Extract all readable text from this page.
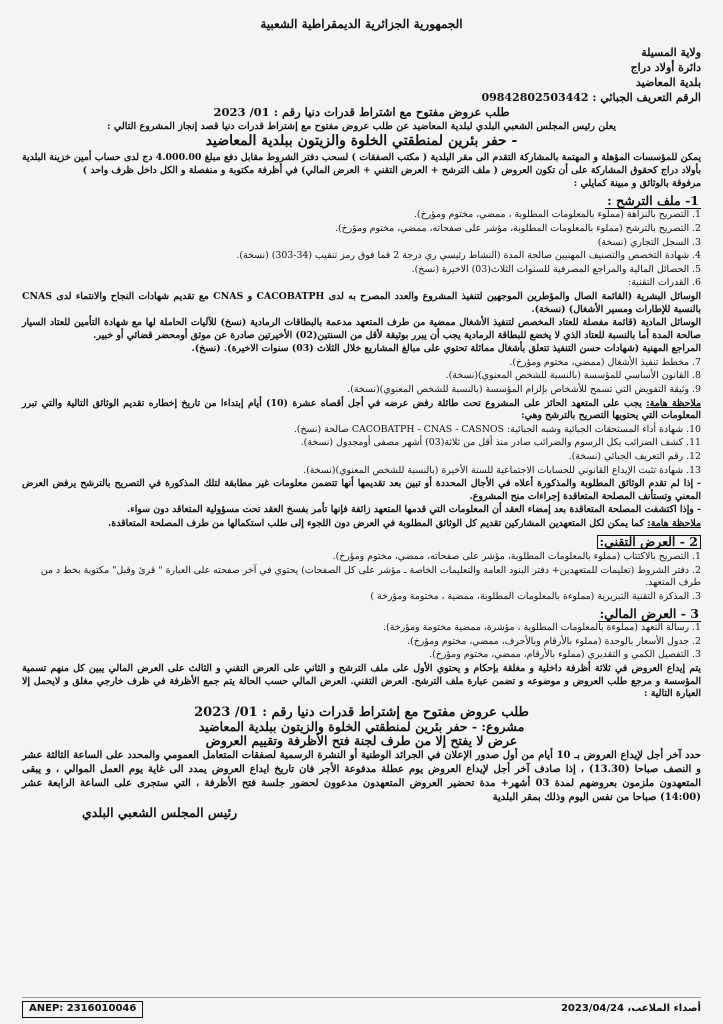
الجمهورية الجزائرية الديمقراطية الشعبية
ولاية المسيلة
دائرة أولاد دراج
بلدية المعاضيد
الرقم التعريف الجبائي : 09842802503442
طلب عروض مفتوح مع اشتراط قدرات دنيا رقم : 01/ 2023
يعلن رئيس المجلس الشعبي البلدي لبلدية المعاضيد عن طلب عروض مفتوح مع إشتراط قدرات دنيا قصد إنجاز المشروع التالي :
- حفر بئرين لمنطقتي الخلوة والزيتون ببلدية المعاضيد
يمكن للمؤسسات المؤهلة و المهتمة بالمشاركة التقدم الى مقر البلدية ( مكتب الصفقات ) لسحب دفتر الشروط مقابل دفع مبلغ 4.000.00 دج لدى حساب أمين خزينة البلدية بأولاد دراج كحقوق المشاركة على أن تكون العروض ( ملف الترشح + العرض التقني + العرض المالي) في أظرفة مكتوبة و منفصلة و الكل داخل ظرف واحد )
مرفوقة بالوثائق و مبينة كمايلي :
1- ملف الترشح :
1. التصريح بالنزاهة (مملوء بالمعلومات المطلوبة ، ممضي، مختوم ومؤرخ).
2. التصريح بالترشح (مملوء بالمعلومات المطلوبة، مؤشر على صفحاته، ممضي، مختوم ومؤرخ).
3. السجل التجاري (نسخة)
4. شهادة التخصص والتصنيف المهنيين صالحة المدة (النشاط رئيسي ري درجة 2 فما فوق رمز تنقيب (34-303) (نسخة).
5. الحصائل المالية والمراجع المصرفية للسنوات الثلاث(03) الاخيرة (نسخ).
6. القدرات التقنية:
الوسائل البشرية (القائمة الصال والمؤطرين الموجهين لتنفيذ المشروع والعدد المصرح به لدى CACOBATPH و CNAS مع تقديم شهادات النجاح والانتماء لدى CNAS بالنسبة للإطارات ومسير الأشغال) (نسخة).
الوسائل المادية (قائمة مفصلة للعتاد المخصص لتنفيذ الأشغال ممضية من طرف المتعهد مدعمة بالبطاقات الرمادية (نسخ) للآليات الحاملة لها مع شهادة التأمين للعتاد السيار صالحة المدة أما بالنسبة للعتاد الذي لا يخضع للبطاقة الرمادية يجب أن يبرر بوثيقة لأقل من السنتين(02) الأخيرتين صادرة عن موثق أومحضر قضائي أو خبير.
المراجع المهنية (شهادات حسن التنفيذ تتعلق بأشغال مماثلة تحتوي على مبالغ المشاريع خلال الثلاث (03) سنوات الاخيرة). (نسخ).
7. مخطط تنفيذ الأشغال (ممضي، مختوم ومؤرخ).
8. القانون الأساسي للمؤسسة (بالنسبة للشخص المعنوي)(نسخة).
9. وثيقة التفويض التي تسمح للأشخاص بإلزام المؤسسة (بالنسبة للشخص المعنوي)(نسخة).
ملاحظة هامة: يجب على المتعهد الحائز على المشروع تحت طائلة رفض عرضه في أجل أقصاه عشرة (10) أيام إبتداءا من تاريخ إخطاره تقديم الوثائق التالية والتي تبرر المعلومات التي يحتويها التصريح بالترشح وهي:
10. شهادة أداء المستحقات الجبائية وشبه الجبائية: CACOBATPH - CNAS - CASNOS صالحة (نسخ).
11. كشف الضرائب يكل الرسوم والضرائب صادر منذ أقل من ثلاثة(03) أشهر مصفى أومجدول (نسخة).
12. رقم التعريف الجبائي (نسخة).
13. شهادة تثبت الإيداع القانوني للحسابات الاجتماعية للسنة الأخيرة (بالنسبة للشخص المعنوي)(نسخة).
- إذا لم تقدم الوثائق المطلوبة والمذكورة أعلاه في الأجال المحددة أو تبين بعد تقديمها أنها تتضمن معلومات غير مطابقة لتلك المذكورة في التصريح بالترشح يرفض العرض المعني وتستأنف المصلحة المتعاقدة إجراءات منح المشروع.
- وإذا اكتشفت المصلحة المتعاقدة بعد إمضاء العقد أن المعلومات التي قدمها المتعهد زائفة فإنها تأمر بفسخ العقد تحت مسؤولية المتعاقد دون سواء.
ملاحظة هامة: كما يمكن لكل المتعهدين المشاركين تقديم كل الوثائق المطلوبة في العرض دون اللجوء إلى طلب استكمالها من طرف المصلحة المتعاقدة.
2 - العرض التقني:
1. التصريح بالاكتتاب (مملوء بالمعلومات المطلوبة، مؤشر على صفحاته، ممضي، مختوم ومؤرخ).
2. دفتر الشروط (تعليمات للمتعهدين+ دفتر البنود العامة والتعليمات الخاصة ـ مؤشر على كل الصفحات) يحتوي في آخر صفحته على العبارة " قرئ وقبل" مكتوبة بخط د من طرف المتعهد.
3. المذكرة التقنية التبريرية (مملوءة بالمعلومات المطلوبة، ممضية ، مختومة ومؤرخة )
3 - العرض المالي:
1. رسالة التعهد (مملوءة بالمعلومات المطلوبة ، مؤشرة، ممضية مختومة ومؤرخة).
2. جدول الأسعار بالوحدة (مملوء بالأرقام وبالأحرف، ممضي، مختوم ومؤرخ).
3. التفصيل الكمي و التقديري (مملوء بالأرقام، ممضي، مختوم ومؤرخ).
يتم إيداع العروض في ثلاثة أظرفة داخلية و مغلقة بإحكام و يحتوي الأول على ملف الترشح و الثاني على العرض التقني و الثالث على العرض المالي يبين كل منهم تسمية المؤسسة و مرجع طلب العروض و موضوعه و تضمن عبارة ملف الترشح. العرض التقني. العرض المالي حسب الحالة يتم جمع الأظرفة في ظرف خارجي مغلق و لايحمل إلا العبارة التالية :
طلب عروض مفتوح مع إشتراط قدرات دنيا رقم : 01/ 2023
مشروع: - حفر بئرين لمنطقتي الخلوة والزيتون ببلدية المعاضيد
عرض لا يفتح إلا من طرف لجنة فتح الأظرفة وتقييم العروض
حدد آخر أجل لإيداع العروض بـ 10 أيام من أول صدور الإعلان في الجرائد الوطنية أو النشرة الرسمية لصفقات المتعامل العمومي والمحدد على الساعة الثالثة عشر و النصف صباحا (13.30) ، إذا صادف آخر أجل لإيداع العروض يوم عطلة مدفوعة الأجر فان تاريخ ايداع العروض يمدد الى غاية يوم العمل الموالي ، و يبقى المتعهدون ملزمون بعروضهم لمدة 03 أشهر+ مدة تحضير العروض المتعهدون مدعوون لحضور جلسة فتح الأظرفة ، التي ستجرى على الساعة الرابعة عشر (14:00) صباحا من نفس اليوم وذلك بمقر البلدية
رئيس المجلس الشعبي البلدي
ANEP: 2316010046	أصداء الملاعب، 2023/04/24
